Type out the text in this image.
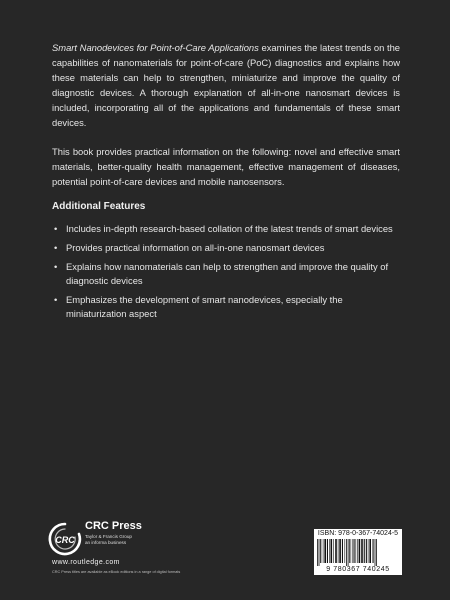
Smart Nanodevices for Point-of-Care Applications examines the latest trends on the capabilities of nanomaterials for point-of-care (PoC) diagnostics and explains how these materials can help to strengthen, miniaturize and improve the quality of diagnostic devices. A thorough explanation of all-in-one nanosmart devices is included, incorporating all of the applications and fundamentals of these smart devices.

This book provides practical information on the following: novel and effective smart materials, better-quality health management, effective management of diseases, potential point-of-care devices and mobile nanosensors.

Additional Features
• Includes in-depth research-based collation of the latest trends of smart devices
• Provides practical information on all-in-one nanosmart devices
• Explains how nanomaterials can help to strengthen and improve the quality of diagnostic devices
• Emphasizes the development of smart nanodevices, especially the miniaturization aspect
CRC
CRC Press
Taylor & Francis Group
an informa business
www.routledge.com
CRC Press titles are available as eBook editions in a range of digital formats
ISBN: 978-0-367-74024-5
9 780367 740245
